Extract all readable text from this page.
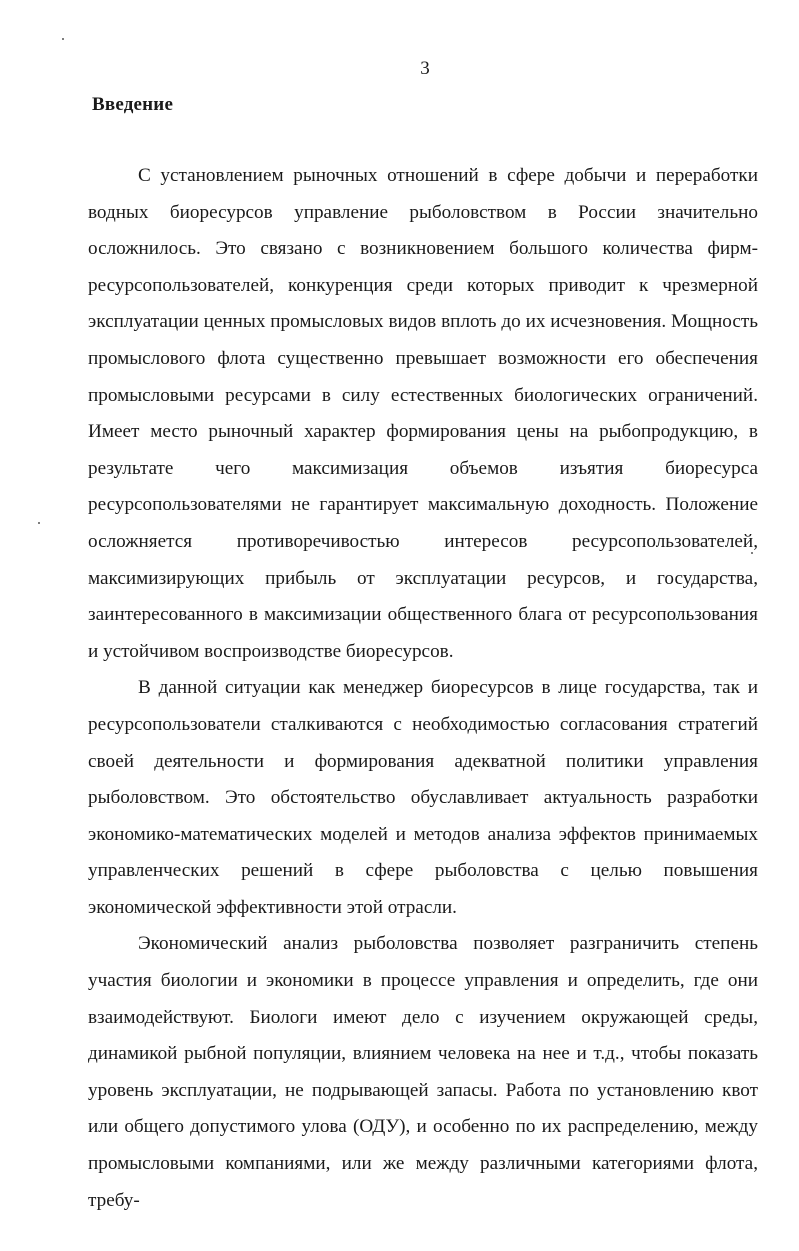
3
Введение

С установлением рыночных отношений в сфере добычи и переработки водных биоресурсов управление рыболовством в России значительно осложнилось. Это связано с возникновением большого количества фирм-ресурсопользователей, конкуренция среди которых приводит к чрезмерной эксплуатации ценных промысловых видов вплоть до их исчезновения. Мощность промыслового флота существенно превышает возможности его обеспечения промысловыми ресурсами в силу естественных биологических ограничений. Имеет место рыночный характер формирования цены на рыбопродукцию, в результате чего максимизация объемов изъятия биоресурса ресурсопользователями не гарантирует максимальную доходность. Положение осложняется противоречивостью интересов ресурсопользователей, максимизирующих прибыль от эксплуатации ресурсов, и государства, заинтересованного в максимизации общественного блага от ресурсопользования и устойчивом воспроизводстве биоресурсов.

В данной ситуации как менеджер биоресурсов в лице государства, так и ресурсопользователи сталкиваются с необходимостью согласования стратегий своей деятельности и формирования адекватной политики управления рыболовством. Это обстоятельство обуславливает актуальность разработки экономико-математических моделей и методов анализа эффектов принимаемых управленческих решений в сфере рыболовства с целью повышения экономической эффективности этой отрасли.

Экономический анализ рыболовства позволяет разграничить степень участия биологии и экономики в процессе управления и определить, где они взаимодействуют. Биологи имеют дело с изучением окружающей среды, динамикой рыбной популяции, влиянием человека на нее и т.д., чтобы показать уровень эксплуатации, не подрывающей запасы. Работа по установлению квот или общего допустимого улова (ОДУ), и особенно по их распределению, между промысловыми компаниями, или же между различными категориями флота, требу-
